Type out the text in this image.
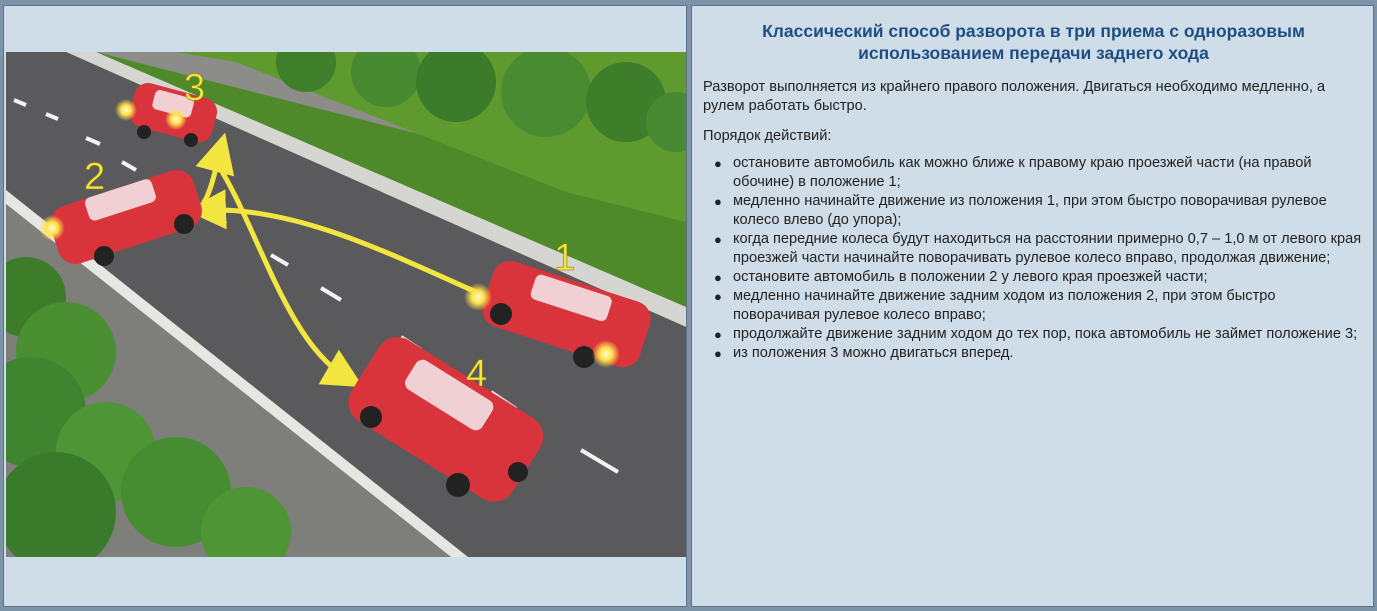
1
2
3
4
Классический способ разворота в три приема с одноразовым использованием передачи заднего хода

Разворот выполняется из крайнего правого положения. Двигаться необходимо медленно, а рулем работать быстро.

Порядок действий:

● остановите автомобиль как можно ближе к правому краю проезжей части (на правой обочине) в положение 1;
● медленно начинайте движение из положения 1, при этом быстро поворачивая рулевое колесо влево (до упора);
● когда передние колеса будут находиться на расстоянии примерно 0,7 – 1,0 м от левого края проезжей части начинайте поворачивать рулевое колесо вправо, продолжая движение;
● остановите автомобиль в положении 2 у левого края проезжей части;
● медленно начинайте движение задним ходом из положения 2, при этом быстро поворачивая рулевое колесо вправо;
● продолжайте движение задним ходом до тех пор, пока автомобиль не займет положение 3;
● из положения 3 можно двигаться вперед.
